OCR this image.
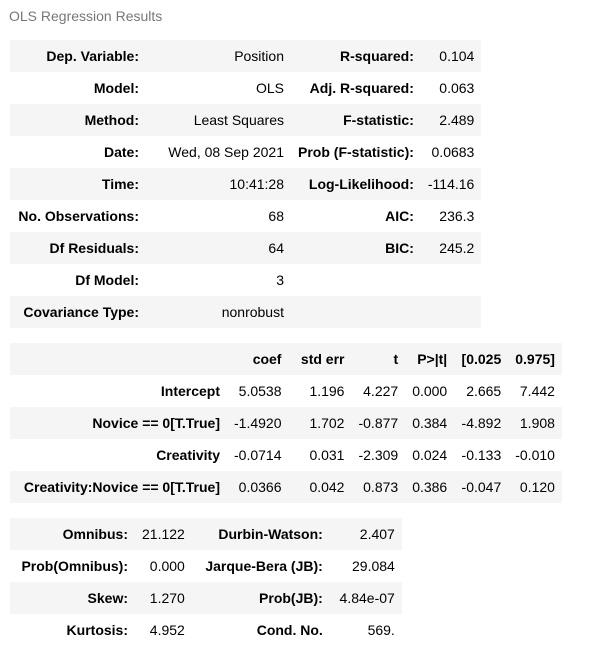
OLS Regression Results
Dep. Variable:	Position	R-squared:	0.104
Model:	OLS	Adj. R-squared:	0.063
Method:	Least Squares	F-statistic:	2.489
Date:	Wed, 08 Sep 2021	Prob (F-statistic):	0.0683
Time:	10:41:28	Log-Likelihood:	-114.16
No. Observations:	68	AIC:	236.3
Df Residuals:	64	BIC:	245.2
Df Model:	3		
Covariance Type:	nonrobust		
	coef	std err	t	P>|t|	[0.025	0.975]
Intercept	5.0538	1.196	4.227	0.000	2.665	7.442
Novice == 0[T.True]	-1.4920	1.702	-0.877	0.384	-4.892	1.908
Creativity	-0.0714	0.031	-2.309	0.024	-0.133	-0.010
Creativity:Novice == 0[T.True]	0.0366	0.042	0.873	0.386	-0.047	0.120
Omnibus:	21.122	Durbin-Watson:	2.407
Prob(Omnibus):	0.000	Jarque-Bera (JB):	29.084
Skew:	1.270	Prob(JB):	4.84e-07
Kurtosis:	4.952	Cond. No.	569.
